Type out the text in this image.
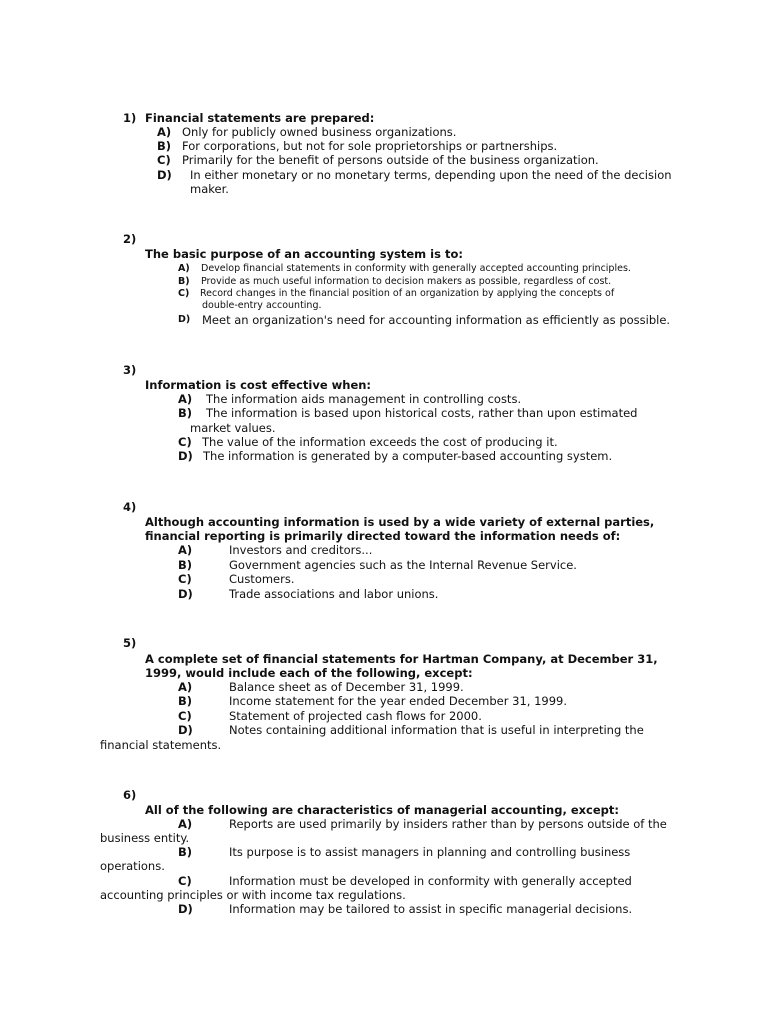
1) Financial statements are prepared:
A) Only for publicly owned business organizations.
B) For corporations, but not for sole proprietorships or partnerships.
C) Primarily for the benefit of persons outside of the business organization.
D) In either monetary or no monetary terms, depending upon the need of the decision
maker.
2)
The basic purpose of an accounting system is to:
A) Develop financial statements in conformity with generally accepted accounting principles.
B) Provide as much useful information to decision makers as possible, regardless of cost.
C) Record changes in the financial position of an organization by applying the concepts of
double-entry accounting.
D) Meet an organization's need for accounting information as efficiently as possible.
3)
Information is cost effective when:
A) The information aids management in controlling costs.
B) The information is based upon historical costs, rather than upon estimated
market values.
C) The value of the information exceeds the cost of producing it.
D) The information is generated by a computer-based accounting system.
4)
Although accounting information is used by a wide variety of external parties,
financial reporting is primarily directed toward the information needs of:
A)	Investors and creditors...
B)	Government agencies such as the Internal Revenue Service.
C)	Customers.
D)	Trade associations and labor unions.
5)
A complete set of financial statements for Hartman Company, at December 31,
1999, would include each of the following, except:
A)	Balance sheet as of December 31, 1999.
B)	Income statement for the year ended December 31, 1999.
C)	Statement of projected cash flows for 2000.
D)	Notes containing additional information that is useful in interpreting the
financial statements.
6)
All of the following are characteristics of managerial accounting, except:
A)	Reports are used primarily by insiders rather than by persons outside of the
business entity.
B)	Its purpose is to assist managers in planning and controlling business
operations.
C)	Information must be developed in conformity with generally accepted
accounting principles or with income tax regulations.
D)	Information may be tailored to assist in specific managerial decisions.
